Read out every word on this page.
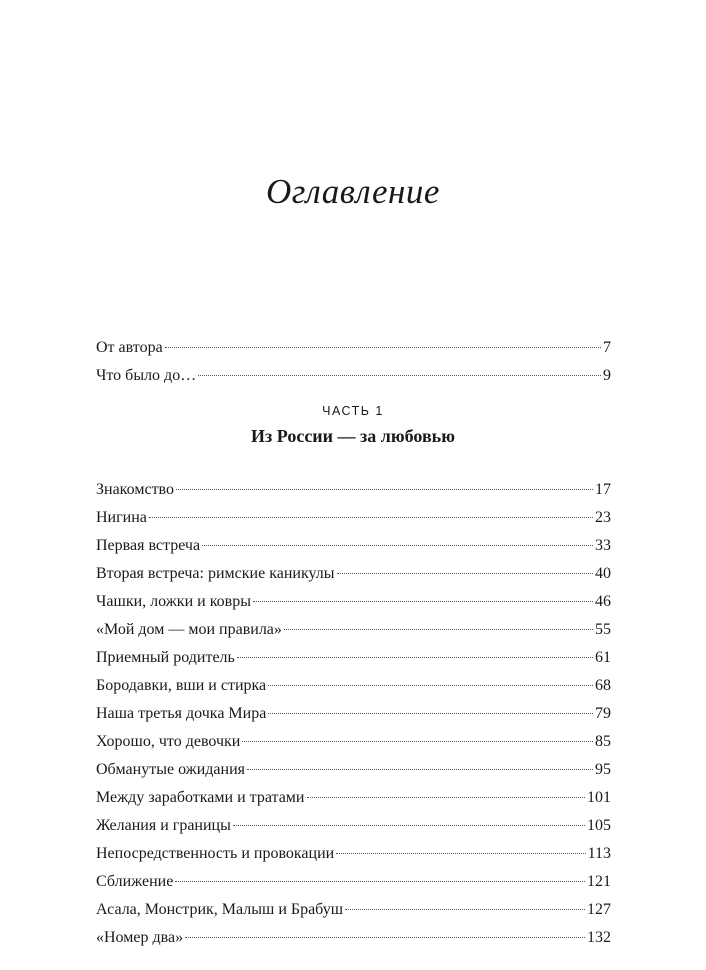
Оглавление
От автора	7
Что было до…	9
ЧАСТЬ 1
Из России — за любовью
Знакомство	17
Нигина	23
Первая встреча	33
Вторая встреча: римские каникулы	40
Чашки, ложки и ковры	46
«Мой дом — мои правила»	55
Приемный родитель	61
Бородавки, вши и стирка	68
Наша третья дочка Мира	79
Хорошо, что девочки	85
Обманутые ожидания	95
Между заработками и тратами	101
Желания и границы	105
Непосредственность и провокации	113
Сближение	121
Асала, Монстрик, Малыш и Брабуш	127
«Номер два»	132
